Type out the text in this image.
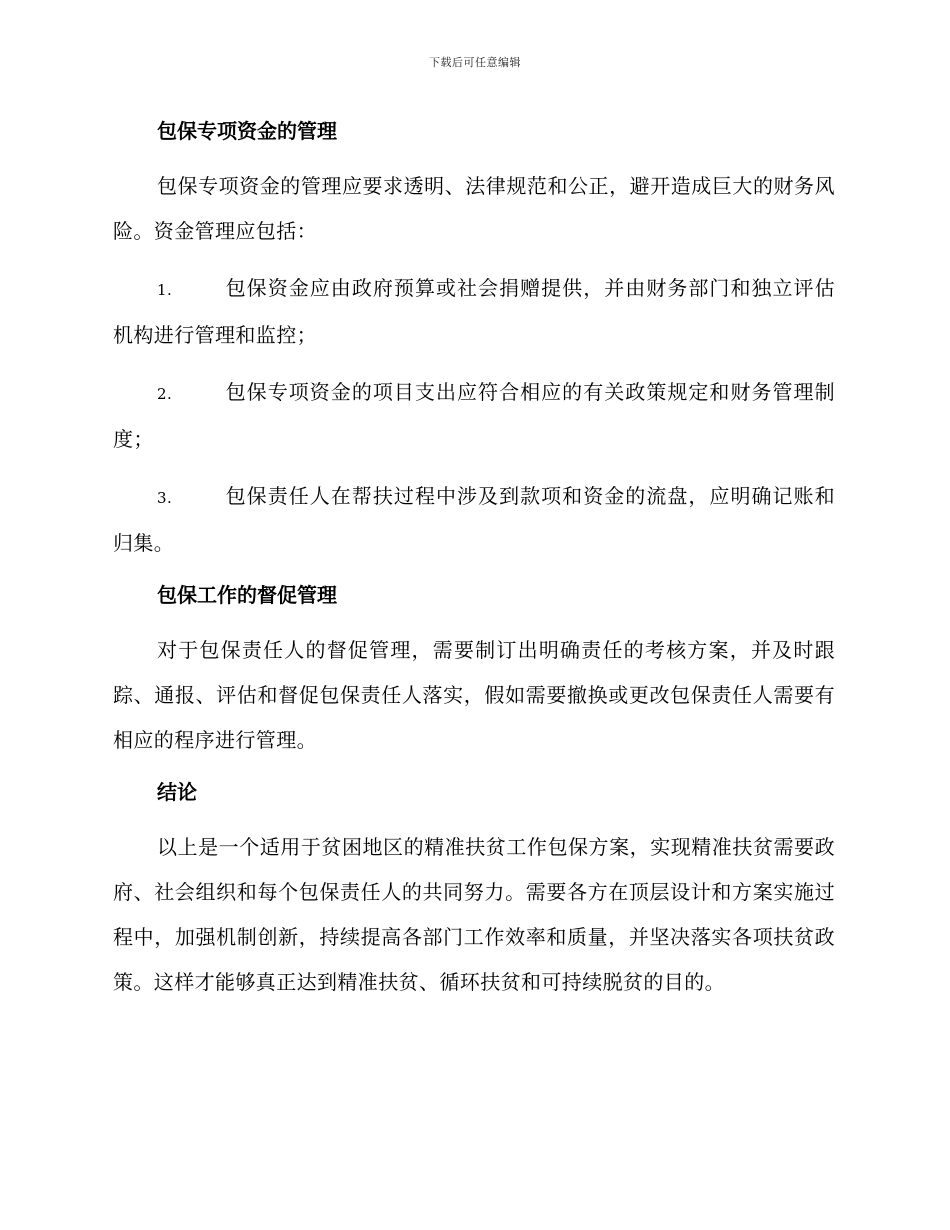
下载后可任意编辑
包保专项资金的管理

包保专项资金的管理应要求透明、法律规范和公正，避开造成巨大的财务风险。资金管理应包括：

1.	包保资金应由政府预算或社会捐赠提供，并由财务部门和独立评估机构进行管理和监控；

2.	包保专项资金的项目支出应符合相应的有关政策规定和财务管理制度；

3.	包保责任人在帮扶过程中涉及到款项和资金的流盘，应明确记账和归集。

包保工作的督促管理

对于包保责任人的督促管理，需要制订出明确责任的考核方案，并及时跟踪、通报、评估和督促包保责任人落实，假如需要撤换或更改包保责任人需要有相应的程序进行管理。

结论

以上是一个适用于贫困地区的精准扶贫工作包保方案，实现精准扶贫需要政府、社会组织和每个包保责任人的共同努力。需要各方在顶层设计和方案实施过程中，加强机制创新，持续提高各部门工作效率和质量，并坚决落实各项扶贫政策。这样才能够真正达到精准扶贫、循环扶贫和可持续脱贫的目的。
